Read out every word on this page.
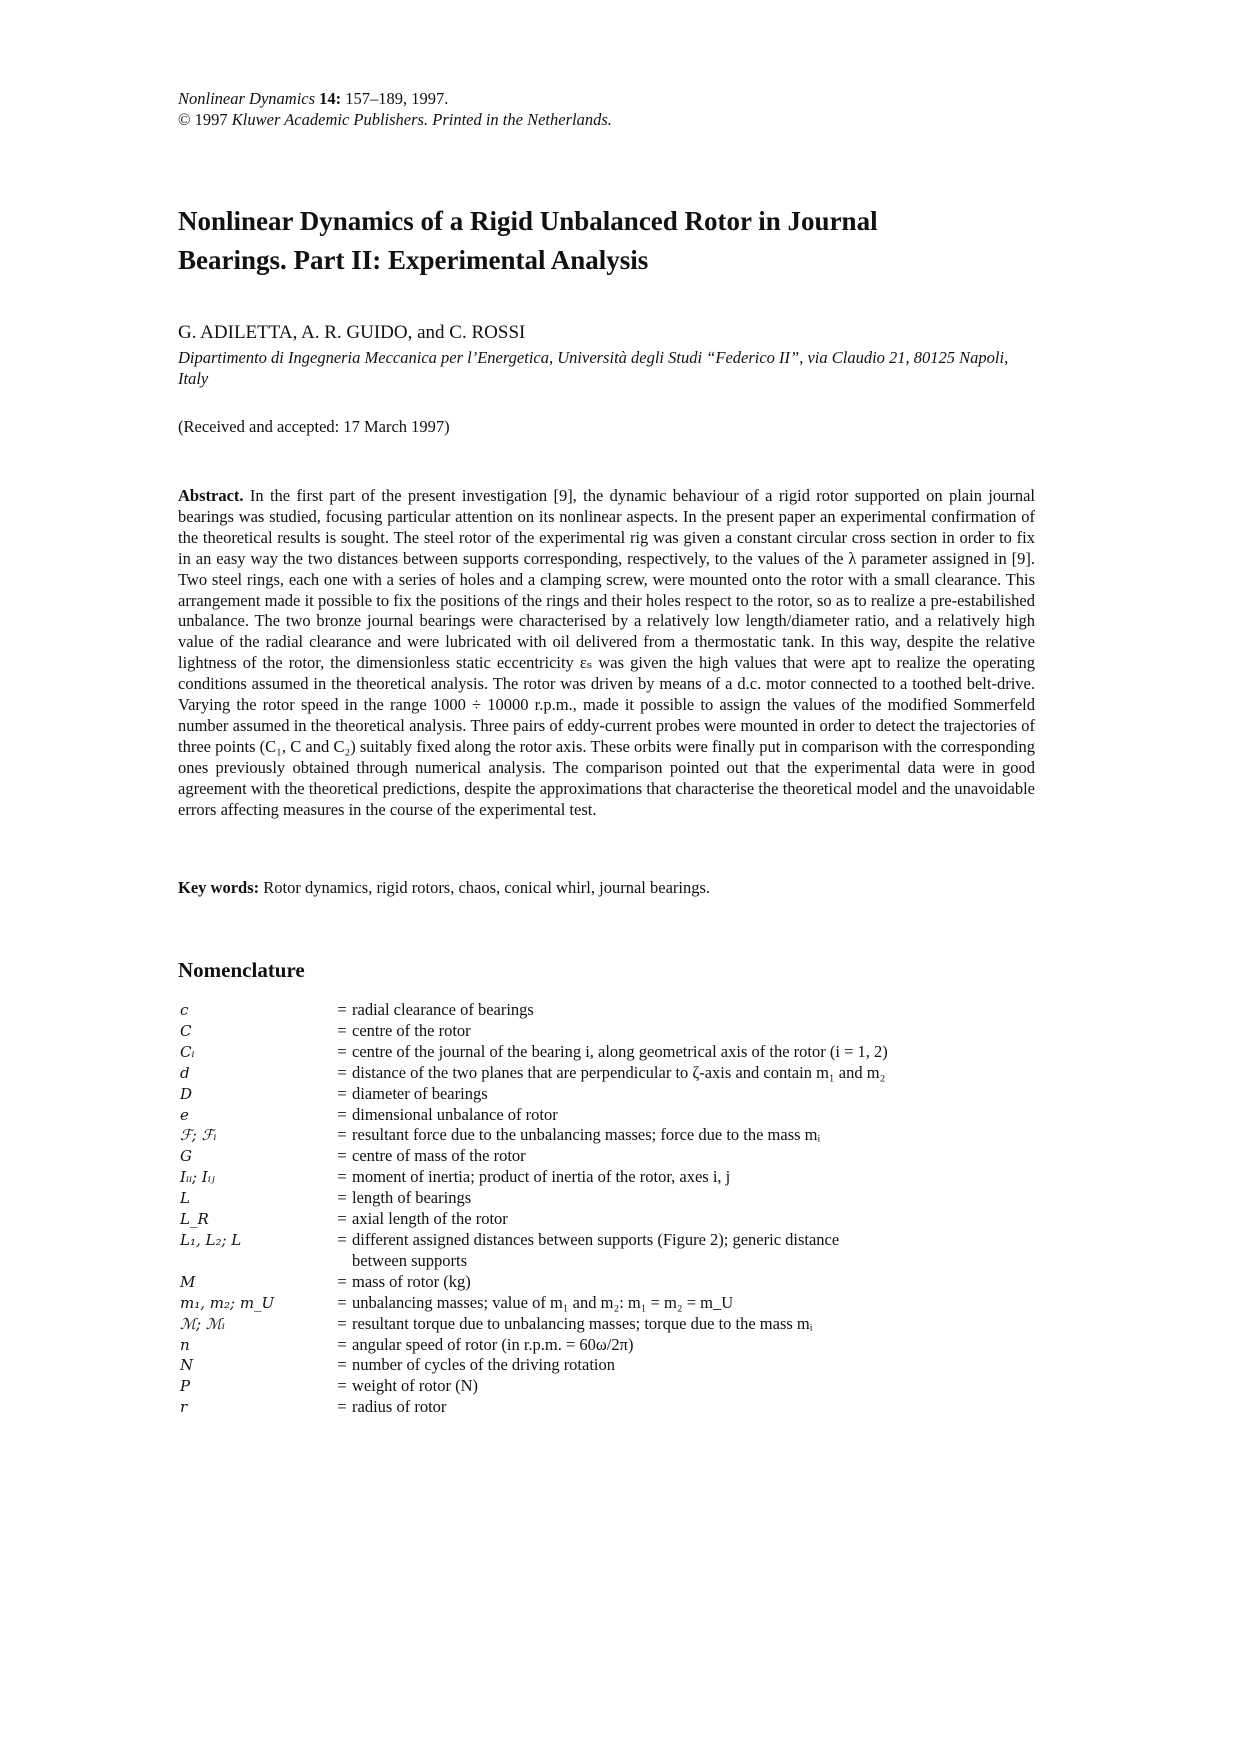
Nonlinear Dynamics 14: 157–189, 1997.
© 1997 Kluwer Academic Publishers. Printed in the Netherlands.
Nonlinear Dynamics of a Rigid Unbalanced Rotor in Journal Bearings. Part II: Experimental Analysis
G. ADILETTA, A. R. GUIDO, and C. ROSSI
Dipartimento di Ingegneria Meccanica per l’Energetica, Università degli Studi “Federico II”, via Claudio 21, 80125 Napoli, Italy
(Received and accepted: 17 March 1997)

Abstract. In the first part of the present investigation [9], the dynamic behaviour of a rigid rotor supported on plain journal bearings was studied, focusing particular attention on its nonlinear aspects. In the present paper an experimental confirmation of the theoretical results is sought. The steel rotor of the experimental rig was given a constant circular cross section in order to fix in an easy way the two distances between supports corresponding, respectively, to the values of the λ parameter assigned in [9]. Two steel rings, each one with a series of holes and a clamping screw, were mounted onto the rotor with a small clearance. This arrangement made it possible to fix the positions of the rings and their holes respect to the rotor, so as to realize a pre-estabilished unbalance. The two bronze journal bearings were characterised by a relatively low length/diameter ratio, and a relatively high value of the radial clearance and were lubricated with oil delivered from a thermostatic tank. In this way, despite the relative lightness of the rotor, the dimensionless static eccentricity εₛ was given the high values that were apt to realize the operating conditions assumed in the theoretical analysis. The rotor was driven by means of a d.c. motor connected to a toothed belt-drive. Varying the rotor speed in the range 1000 ÷ 10000 r.p.m., made it possible to assign the values of the modified Sommerfeld number assumed in the theoretical analysis. Three pairs of eddy-current probes were mounted in order to detect the trajectories of three points (C₁, C and C₂) suitably fixed along the rotor axis. These orbits were finally put in comparison with the corresponding ones previously obtained through numerical analysis. The comparison pointed out that the experimental data were in good agreement with the theoretical predictions, despite the approximations that characterise the theoretical model and the unavoidable errors affecting measures in the course of the experimental test.

Key words: Rotor dynamics, rigid rotors, chaos, conical whirl, journal bearings.
Nomenclature
c	= radial clearance of bearings
C	= centre of the rotor
Cᵢ	= centre of the journal of the bearing i, along geometrical axis of the rotor (i = 1, 2)
d	= distance of the two planes that are perpendicular to ζ-axis and contain m₁ and m₂
D	= diameter of bearings
e	= dimensional unbalance of rotor
ℱ; ℱᵢ	= resultant force due to the unbalancing masses; force due to the mass mᵢ
G	= centre of mass of the rotor
Iᵢᵢ; Iᵢⱼ	= moment of inertia; product of inertia of the rotor, axes i, j
L	= length of bearings
L_R	= axial length of the rotor
L₁, L₂; L	= different assigned distances between supports (Figure 2); generic distance
between supports
M	= mass of rotor (kg)
m₁, m₂; m_U	= unbalancing masses; value of m₁ and m₂: m₁ = m₂ = m_U
ℳ; ℳᵢ	= resultant torque due to unbalancing masses; torque due to the mass mᵢ
n	= angular speed of rotor (in r.p.m. = 60ω/2π)
N	= number of cycles of the driving rotation
P	= weight of rotor (N)
r	= radius of rotor
